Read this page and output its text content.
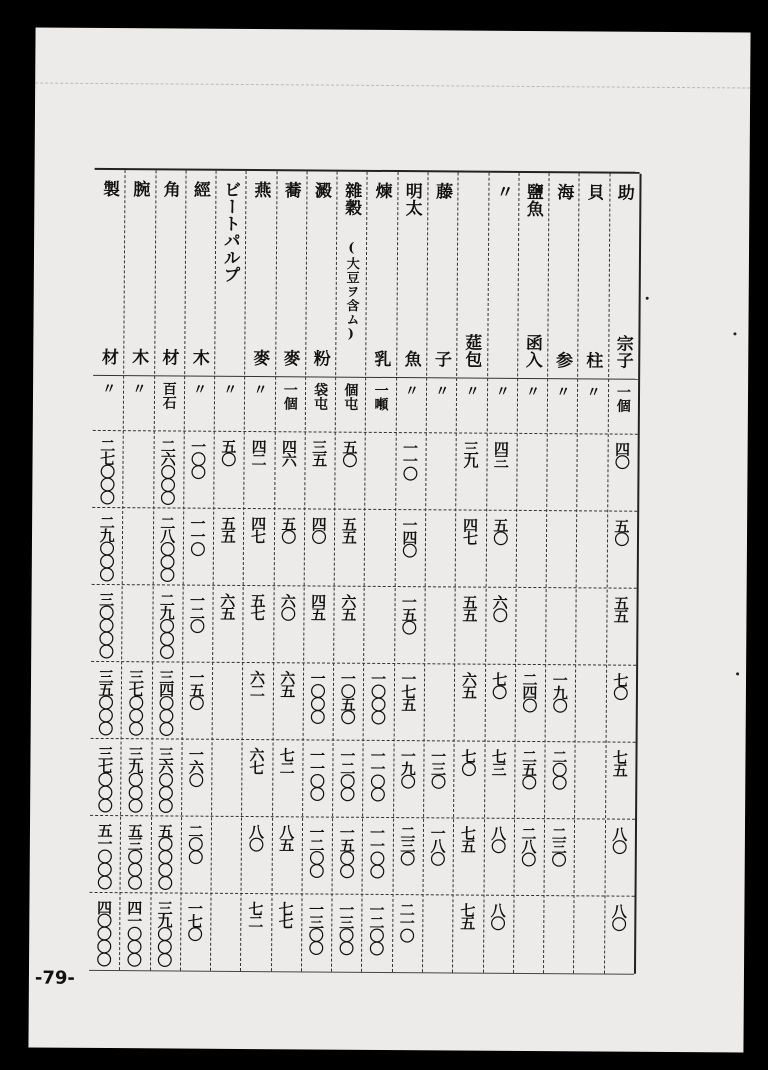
助
宗子
一個
四〇
五〇
五五
七〇
七五
八〇
八〇
貝
柱
〃
海
参
〃
一九〇
二〇〇
二三〇
鹽魚
函入
〃
二四〇
二五〇
二八〇
〃
〃
四三
五〇
六〇
七〇
七三
八〇
八〇
莚包
〃
三九
四七
五五
六五
七〇
七五
七五
藤
子
〃
一三〇
一八〇
明太
魚
〃
一一〇
一四〇
一五〇
一七五
一九〇
二三〇
二一〇
煉
乳
一噸
一〇〇〇
一一〇〇
一一〇〇
一二〇〇
雜穀
(大豆ヲ含ム)
個屯
五〇
五五
六五
一〇五〇
一二〇〇
一五〇〇
一三〇〇
澱
粉
袋屯
三五
四〇
四五
一〇〇〇
一一〇〇
一二〇〇
一三〇〇
蕎
麥
一個
四六
五〇
六〇
六五
七二
八五
七七
燕
麥
〃
四二
四七
五七
六二
六七
八〇
七二
ビートパルプ
〃
五〇
五五
六五
經
木
〃
一〇〇
一一〇
一二〇
一五〇
一六〇
二〇〇
一七〇
角
材
百石
二六〇〇〇
二八〇〇〇
二九〇〇〇
三四〇〇〇
三六〇〇〇
五〇〇〇〇
三九〇〇〇
腕
木
〃
三七〇〇〇
三九〇〇〇
五三〇〇〇
四一〇〇〇
製
材
〃
二七〇〇〇
二九〇〇〇
三〇〇〇〇
三五〇〇〇
三七〇〇〇
五一〇〇〇
四〇〇〇〇
-79-
